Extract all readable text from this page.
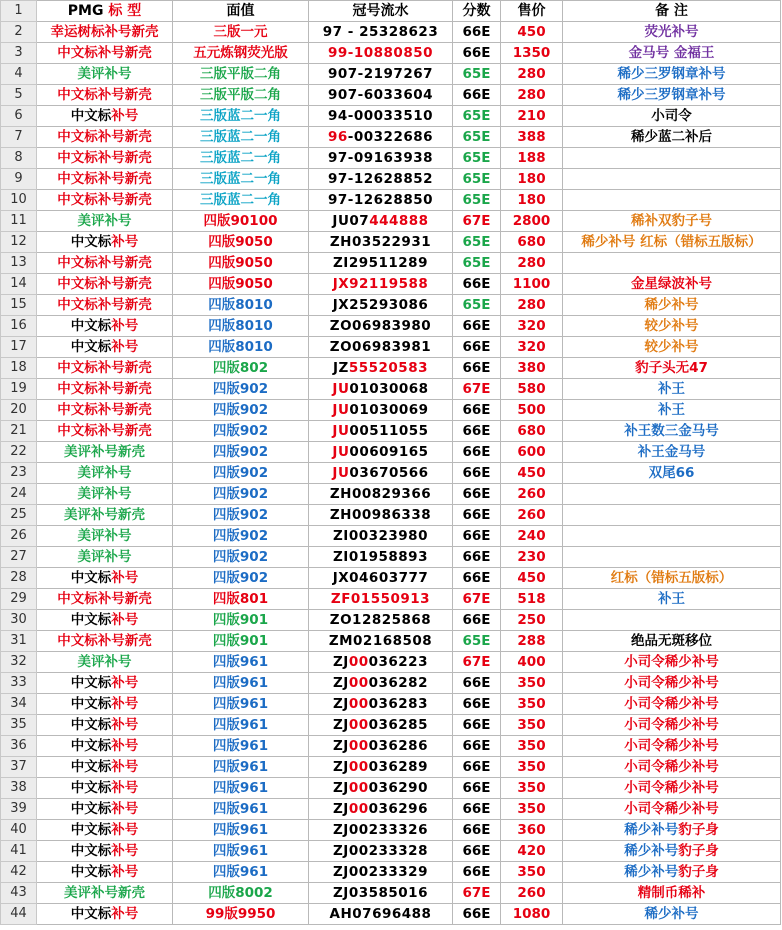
1	PMG 标 型	面值	冠号流水	分数	售价	备 注
2	幸运树标补号新壳	三版一元	97 - 25328623	66E	450	荧光补号
3	中文标补号新壳	五元炼钢荧光版	99-10880850	66E	1350	金马号 金福王
4	美评补号	三版平版二角	907-2197267	65E	280	稀少三罗钢章补号
5	中文标补号新壳	三版平版二角	907-6033604	66E	280	稀少三罗钢章补号
6	中文标补号	三版蓝二一角	94-00033510	65E	210	小司令
7	中文标补号新壳	三版蓝二一角	96-00322686	65E	388	稀少蓝二补后
8	中文标补号新壳	三版蓝二一角	97-09163938	65E	188	
9	中文标补号新壳	三版蓝二一角	97-12628852	65E	180	
10	中文标补号新壳	三版蓝二一角	97-12628850	65E	180	
11	美评补号	四版90100	JU07444888	67E	2800	稀补双豹子号
12	中文标补号	四版9050	ZH03522931	65E	680	稀少补号 红标（错标五版标）
13	中文标补号新壳	四版9050	ZI29511289	65E	280	
14	中文标补号新壳	四版9050	JX92119588	66E	1100	金星绿波补号
15	中文标补号新壳	四版8010	JX25293086	65E	280	稀少补号
16	中文标补号	四版8010	ZO06983980	66E	320	较少补号
17	中文标补号	四版8010	ZO06983981	66E	320	较少补号
18	中文标补号新壳	四版802	JZ55520583	66E	380	豹子头无47
19	中文标补号新壳	四版902	JU01030068	67E	580	补王
20	中文标补号新壳	四版902	JU01030069	66E	500	补王
21	中文标补号新壳	四版902	JU00511055	66E	680	补王数三金马号
22	美评补号新壳	四版902	JU00609165	66E	600	补王金马号
23	美评补号	四版902	JU03670566	66E	450	双尾66
24	美评补号	四版902	ZH00829366	66E	260	
25	美评补号新壳	四版902	ZH00986338	66E	260	
26	美评补号	四版902	ZI00323980	66E	240	
27	美评补号	四版902	ZI01958893	66E	230	
28	中文标补号	四版902	JX04603777	66E	450	红标（错标五版标）
29	中文标补号新壳	四版801	ZF01550913	67E	518	补王
30	中文标补号	四版901	ZO12825868	66E	250	
31	中文标补号新壳	四版901	ZM02168508	65E	288	绝品无斑移位
32	美评补号	四版961	ZJ00036223	67E	400	小司令稀少补号
33	中文标补号	四版961	ZJ00036282	66E	350	小司令稀少补号
34	中文标补号	四版961	ZJ00036283	66E	350	小司令稀少补号
35	中文标补号	四版961	ZJ00036285	66E	350	小司令稀少补号
36	中文标补号	四版961	ZJ00036286	66E	350	小司令稀少补号
37	中文标补号	四版961	ZJ00036289	66E	350	小司令稀少补号
38	中文标补号	四版961	ZJ00036290	66E	350	小司令稀少补号
39	中文标补号	四版961	ZJ00036296	66E	350	小司令稀少补号
40	中文标补号	四版961	ZJ00233326	66E	360	稀少补号豹子身
41	中文标补号	四版961	ZJ00233328	66E	420	稀少补号豹子身
42	中文标补号	四版961	ZJ00233329	66E	350	稀少补号豹子身
43	美评补号新壳	四版8002	ZJ03585016	67E	260	精制币稀补
44	中文标补号	99版9950	AH07696488	66E	1080	稀少补号
